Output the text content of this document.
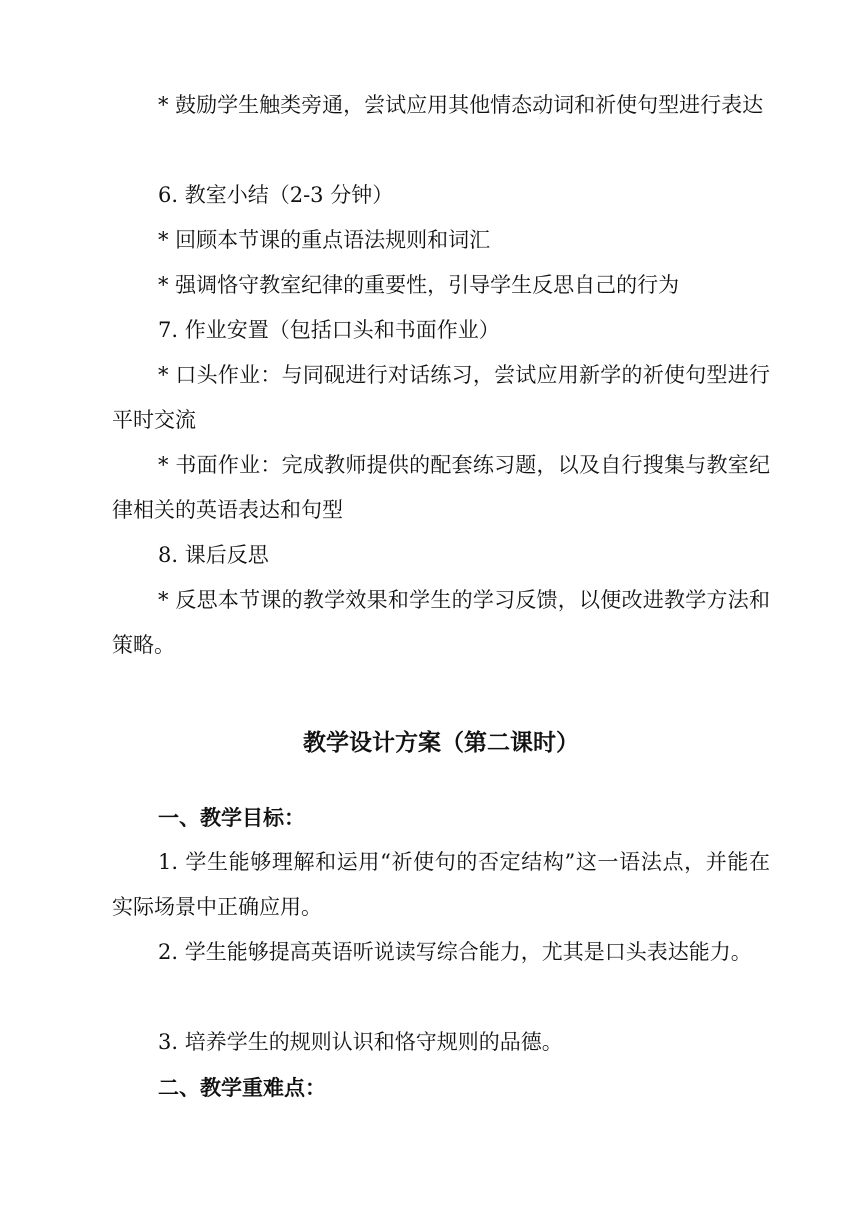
* 鼓励学生触类旁通，尝试应用其他情态动词和祈使句型进行表达

6. 教室小结（2-3 分钟）

* 回顾本节课的重点语法规则和词汇

* 强调恪守教室纪律的重要性，引导学生反思自己的行为

7. 作业安置（包括口头和书面作业）

* 口头作业：与同砚进行对话练习，尝试应用新学的祈使句型进行平时交流

* 书面作业：完成教师提供的配套练习题，以及自行搜集与教室纪律相关的英语表达和句型

8. 课后反思

* 反思本节课的教学效果和学生的学习反馈，以便改进教学方法和策略。

教学设计方案（第二课时）
一、教学目标：

1. 学生能够理解和运用“祈使句的否定结构”这一语法点，并能在实际场景中正确应用。

2. 学生能够提高英语听说读写综合能力，尤其是口头表达能力。

3. 培养学生的规则认识和恪守规则的品德。

二、教学重难点：
